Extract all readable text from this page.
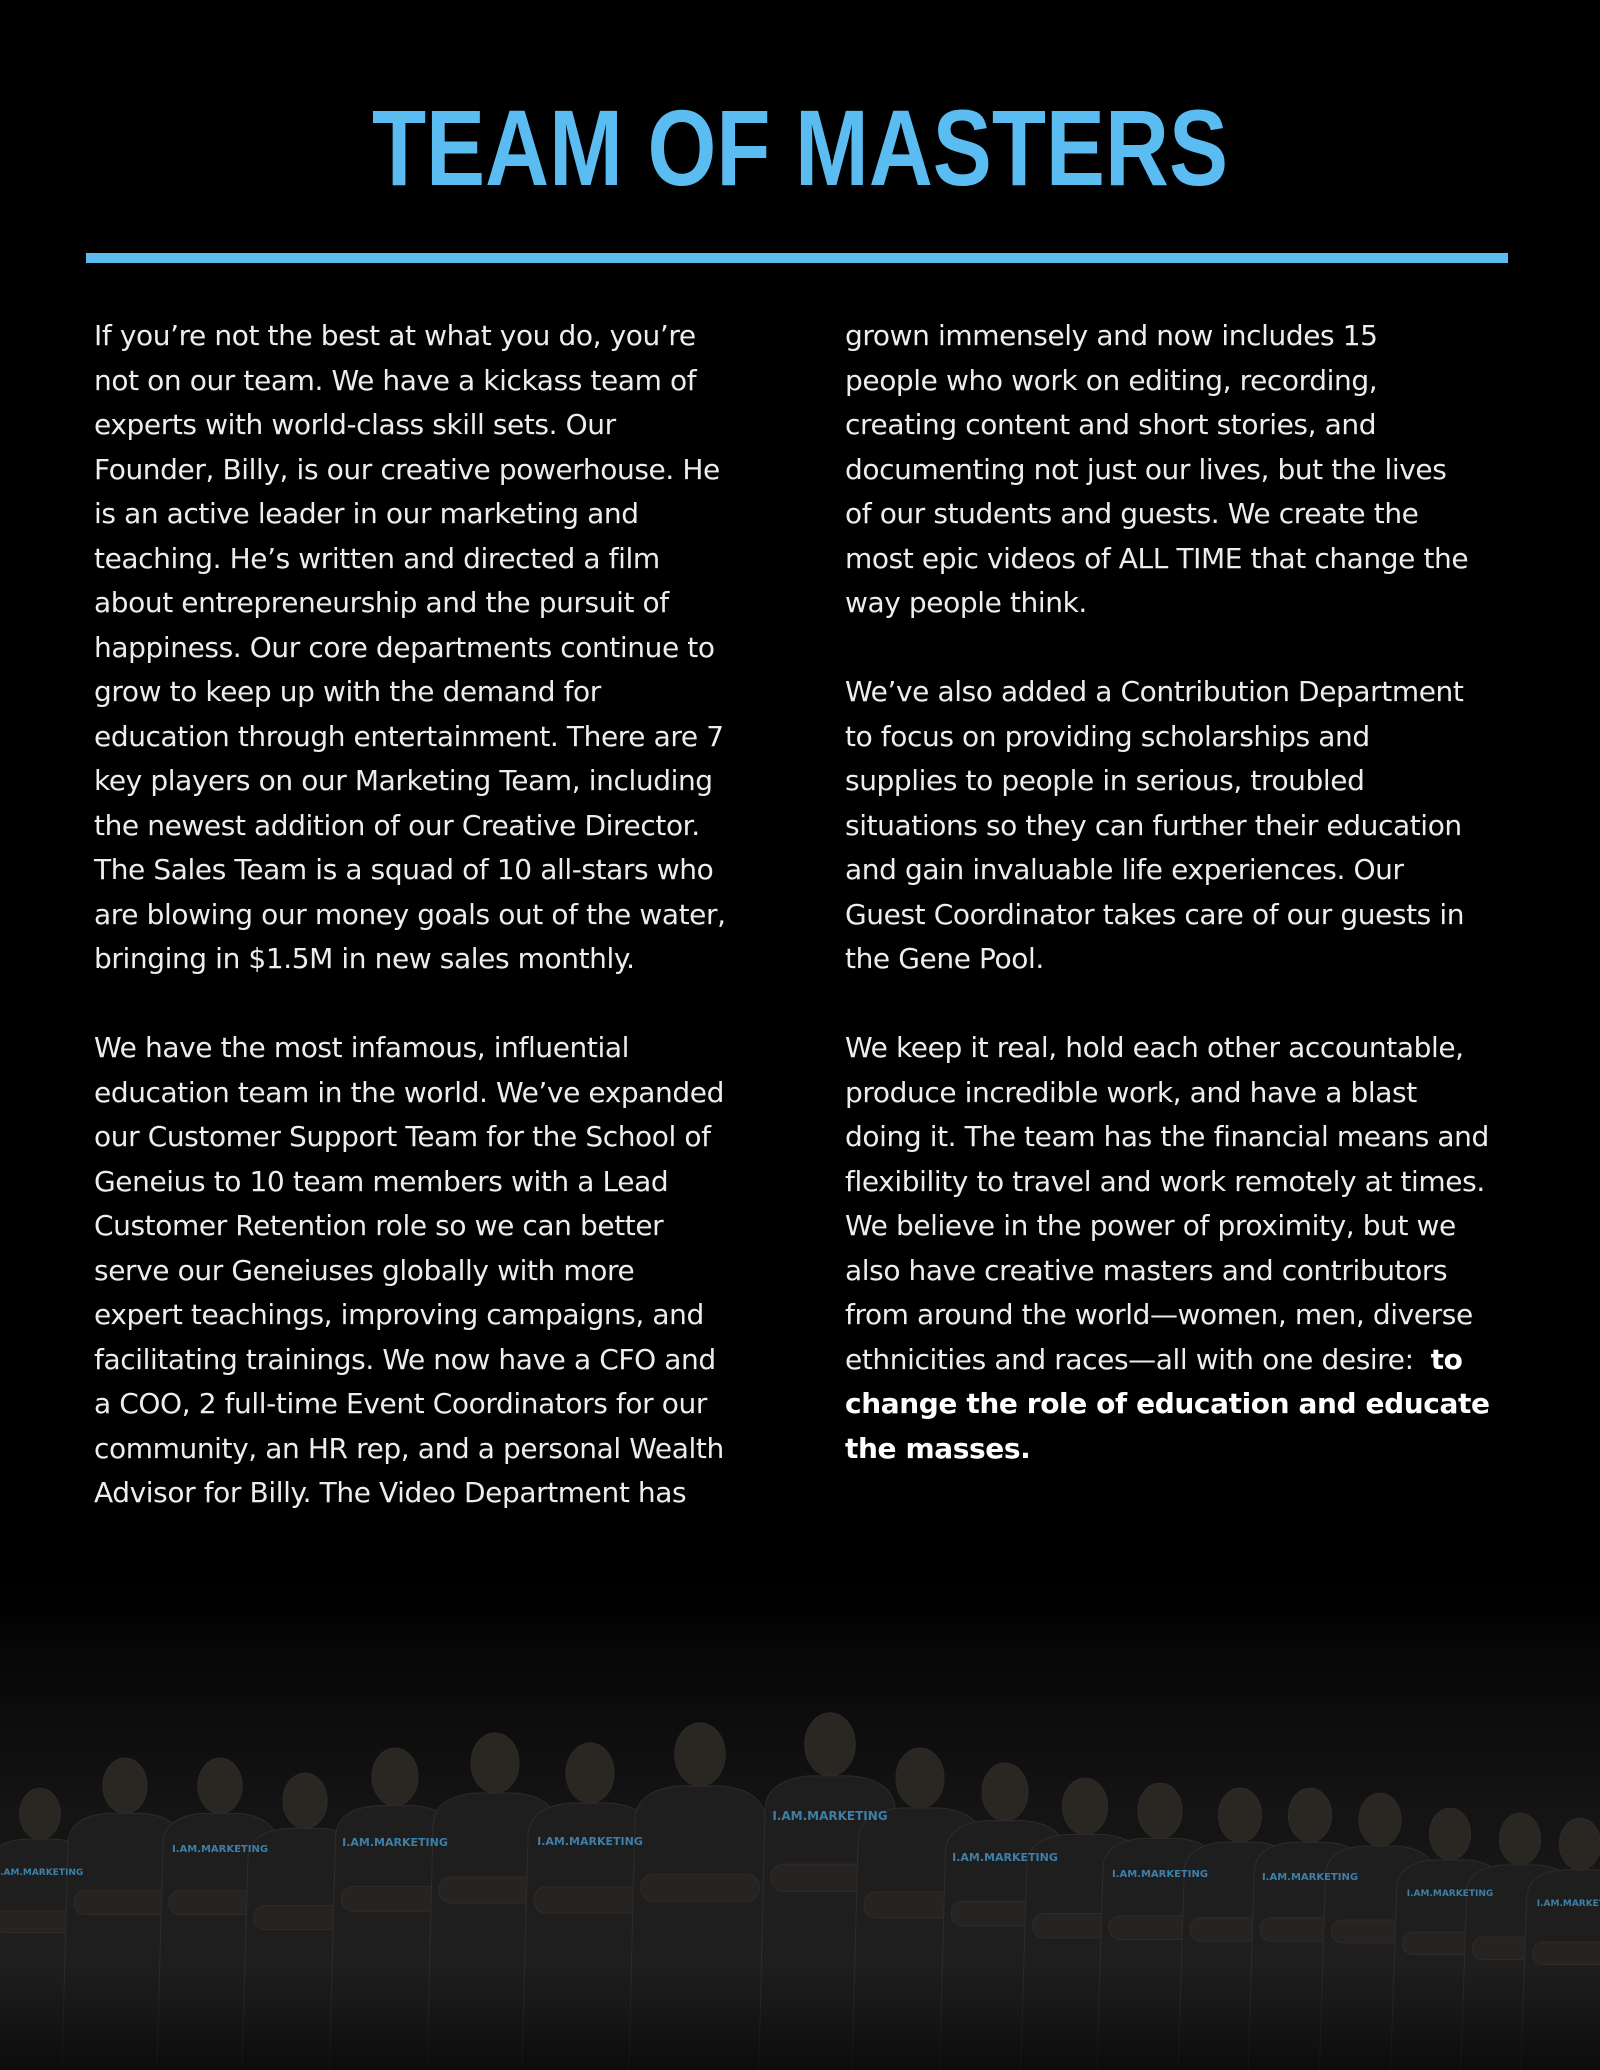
TEAM OF MASTERS

If you’re not the best at what you do, you’re
not on our team. We have a kickass team of
experts with world-class skill sets. Our
Founder, Billy, is our creative powerhouse. He
is an active leader in our marketing and
teaching. He’s written and directed a film
about entrepreneurship and the pursuit of
happiness. Our core departments continue to
grow to keep up with the demand for
education through entertainment. There are 7
key players on our Marketing Team, including
the newest addition of our Creative Director.
The Sales Team is a squad of 10 all-stars who
are blowing our money goals out of the water,
bringing in $1.5M in new sales monthly.

We have the most infamous, influential
education team in the world. We’ve expanded
our Customer Support Team for the School of
Geneius to 10 team members with a Lead
Customer Retention role so we can better
serve our Geneiuses globally with more
expert teachings, improving campaigns, and
facilitating trainings. We now have a CFO and
a COO, 2 full-time Event Coordinators for our
community, an HR rep, and a personal Wealth
Advisor for Billy. The Video Department has

grown immensely and now includes 15
people who work on editing, recording,
creating content and short stories, and
documenting not just our lives, but the lives
of our students and guests. We create the
most epic videos of ALL TIME that change the
way people think.

We’ve also added a Contribution Department
to focus on providing scholarships and
supplies to people in serious, troubled
situations so they can further their education
and gain invaluable life experiences. Our
Guest Coordinator takes care of our guests in
the Gene Pool.

We keep it real, hold each other accountable,
produce incredible work, and have a blast
doing it. The team has the financial means and
flexibility to travel and work remotely at times.
We believe in the power of proximity, but we
also have creative masters and contributors
from around the world—women, men, diverse
ethnicities and races—all with one desire: to
change the role of education and educate
the masses.
